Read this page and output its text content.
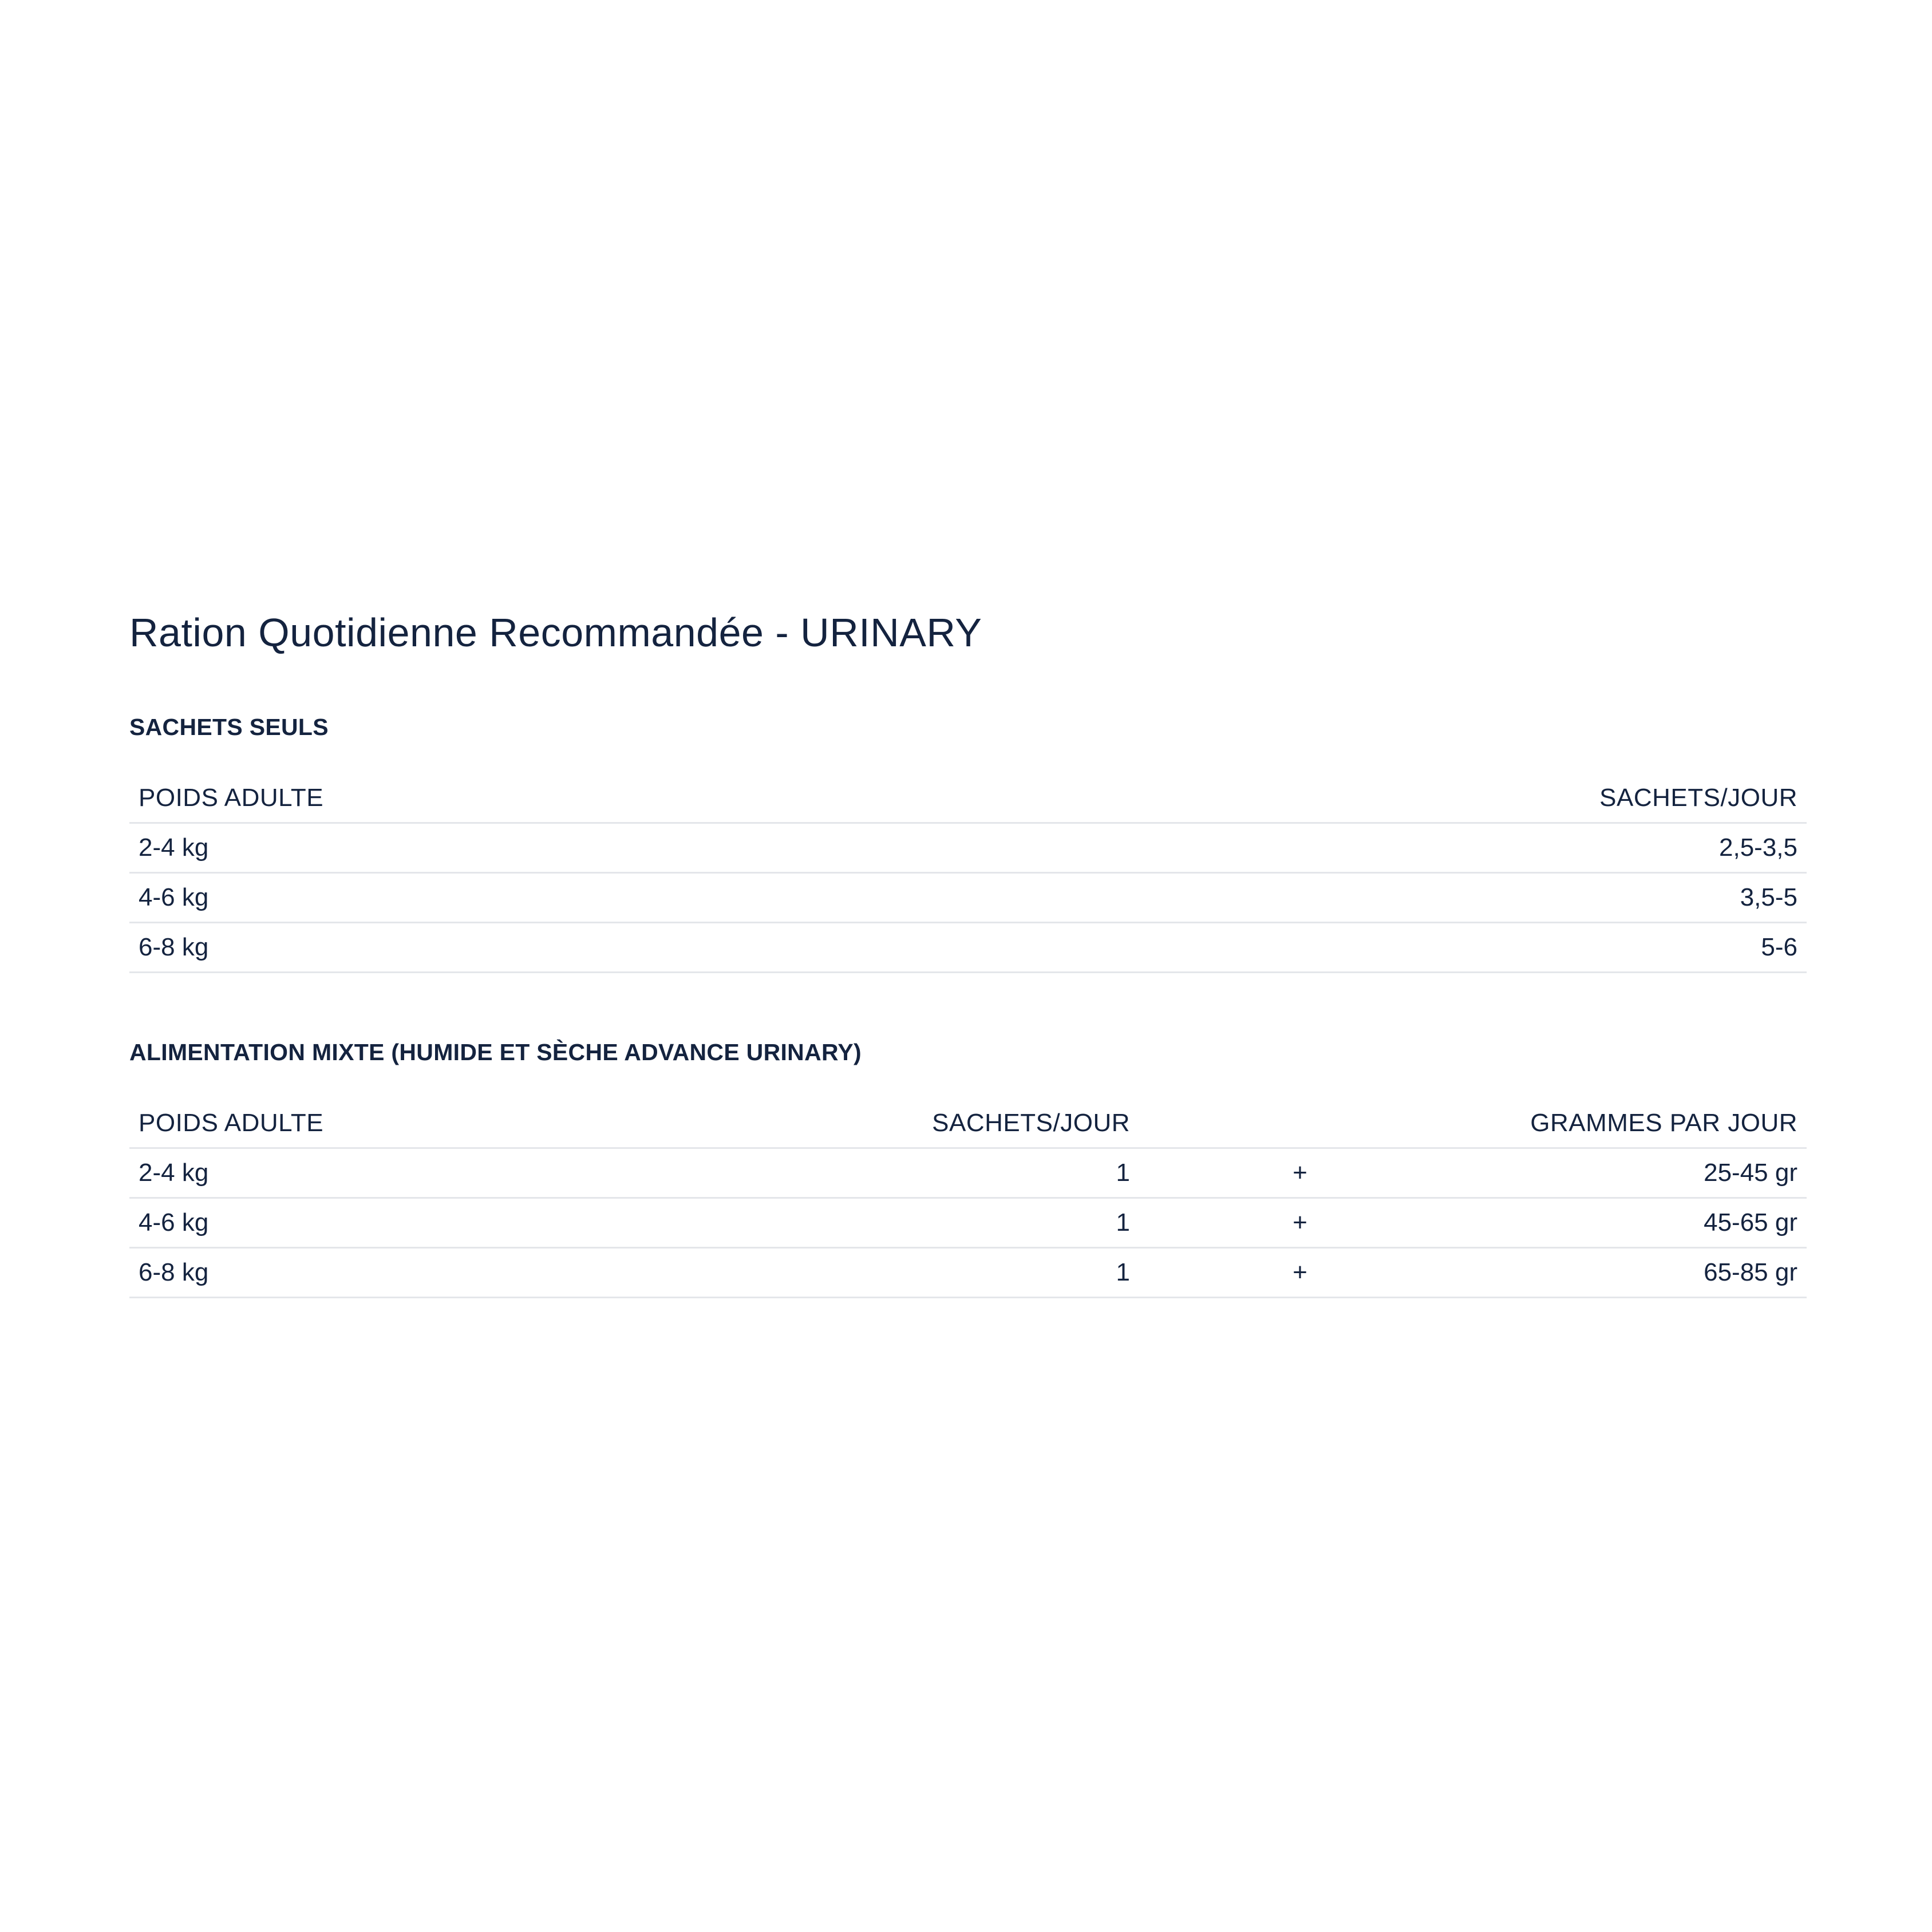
Ration Quotidienne Recommandée - URINARY
SACHETS SEULS
POIDS ADULTE	SACHETS/JOUR
2-4 kg	2,5-3,5
4-6 kg	3,5-5
6-8 kg	5-6
ALIMENTATION MIXTE (HUMIDE ET SÈCHE ADVANCE URINARY)
POIDS ADULTE	SACHETS/JOUR		GRAMMES PAR JOUR
2-4 kg	1	+	25-45 gr
4-6 kg	1	+	45-65 gr
6-8 kg	1	+	65-85 gr
